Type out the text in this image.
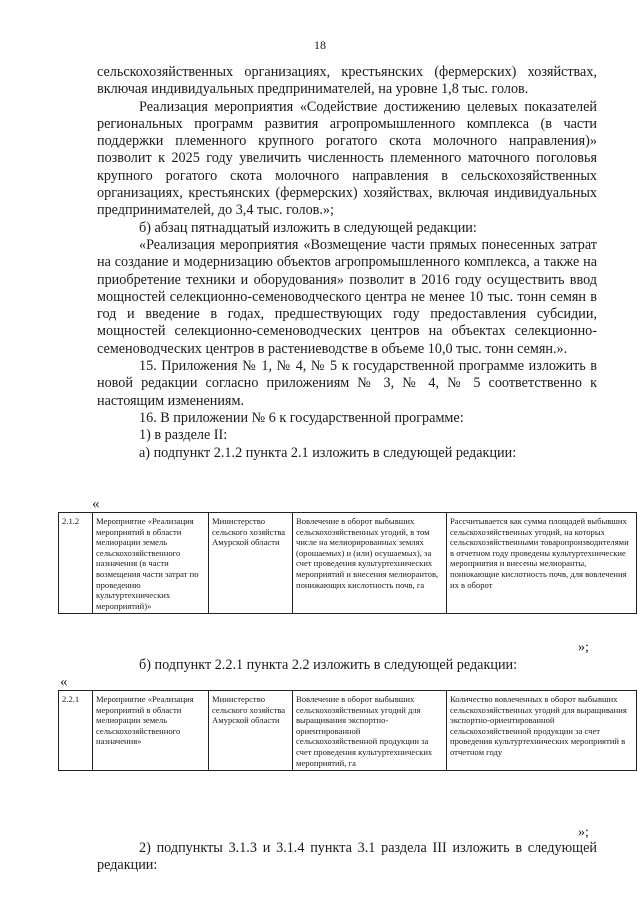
18

сельскохозяйственных организациях, крестьянских (фермерских) хозяйствах, включая индивидуальных предпринимателей, на уровне 1,8 тыс. голов.

Реализация мероприятия «Содействие достижению целевых показателей региональных программ развития агропромышленного комплекса (в части поддержки племенного крупного рогатого скота молочного направления)» позволит к 2025 году увеличить численность племенного маточного поголовья крупного рогатого скота молочного направления в сельскохозяйственных организациях, крестьянских (фермерских) хозяйствах, включая индивидуальных предпринимателей, до 3,4 тыс. голов.»;

б) абзац пятнадцатый изложить в следующей редакции:

«Реализация мероприятия «Возмещение части прямых понесенных затрат на создание и модернизацию объектов агропромышленного комплекса, а также на приобретение техники и оборудования» позволит в 2016 году осуществить ввод мощностей селекционно-семеноводческого центра не менее 10 тыс. тонн семян в год и введение в годах, предшествующих году предоставления субсидии, мощностей селекционно-семеноводческих центров на объектах селекционно-семеноводческих центров в растениеводстве в объеме 10,0 тыс. тонн семян.».

15. Приложения № 1, № 4, № 5 к государственной программе изложить в новой редакции согласно приложениям № 3, № 4, № 5 соответственно к настоящим изменениям.

16. В приложении № 6 к государственной программе:

1) в разделе II:

а) подпункт 2.1.2 пункта 2.1 изложить в следующей редакции:

«
2.1.2	Мероприятие «Реализация мероприятий в области мелиорации земель сельскохозяйственного назначения (в части возмещения части затрат по проведению культуртехнических мероприятий)»	Министерство сельского хозяйства Амурской области	Вовлечение в оборот выбывших сельскохозяйственных угодий, в том числе на мелиорированных землях (орошаемых) и (или) осушаемых), за счет проведения культуртехнических мероприятий и внесения мелиорантов, понижающих кислотность почв, га	Рассчитывается как сумма площадей выбывших сельскохозяйственных угодий, на которых сельскохозяйственными товаропроизводителями в отчетном году проведены культуртехнические мероприятия и внесены мелиоранты, понижающие кислотность почв, для вовлечения их в оборот
»;

б) подпункт 2.2.1 пункта 2.2 изложить в следующей редакции:

«
2.2.1	Мероприятие «Реализация мероприятий в области мелиорации земель сельскохозяйственного назначения»	Министерство сельского хозяйства Амурской области	Вовлечение в оборот выбывших сельскохозяйственных угодий для выращивания экспортно-ориентированной сельскохозяйственной продукции за счет проведения культуртехнических мероприятий, га	Количество вовлеченных в оборот выбывших сельскохозяйственных угодий для выращивания экспортно-ориентированной сельскохозяйственной продукции за счет проведения культуртехнических мероприятий в отчетном году
»;

2) подпункты 3.1.3 и 3.1.4 пункта 3.1 раздела III изложить в следующей редакции:
